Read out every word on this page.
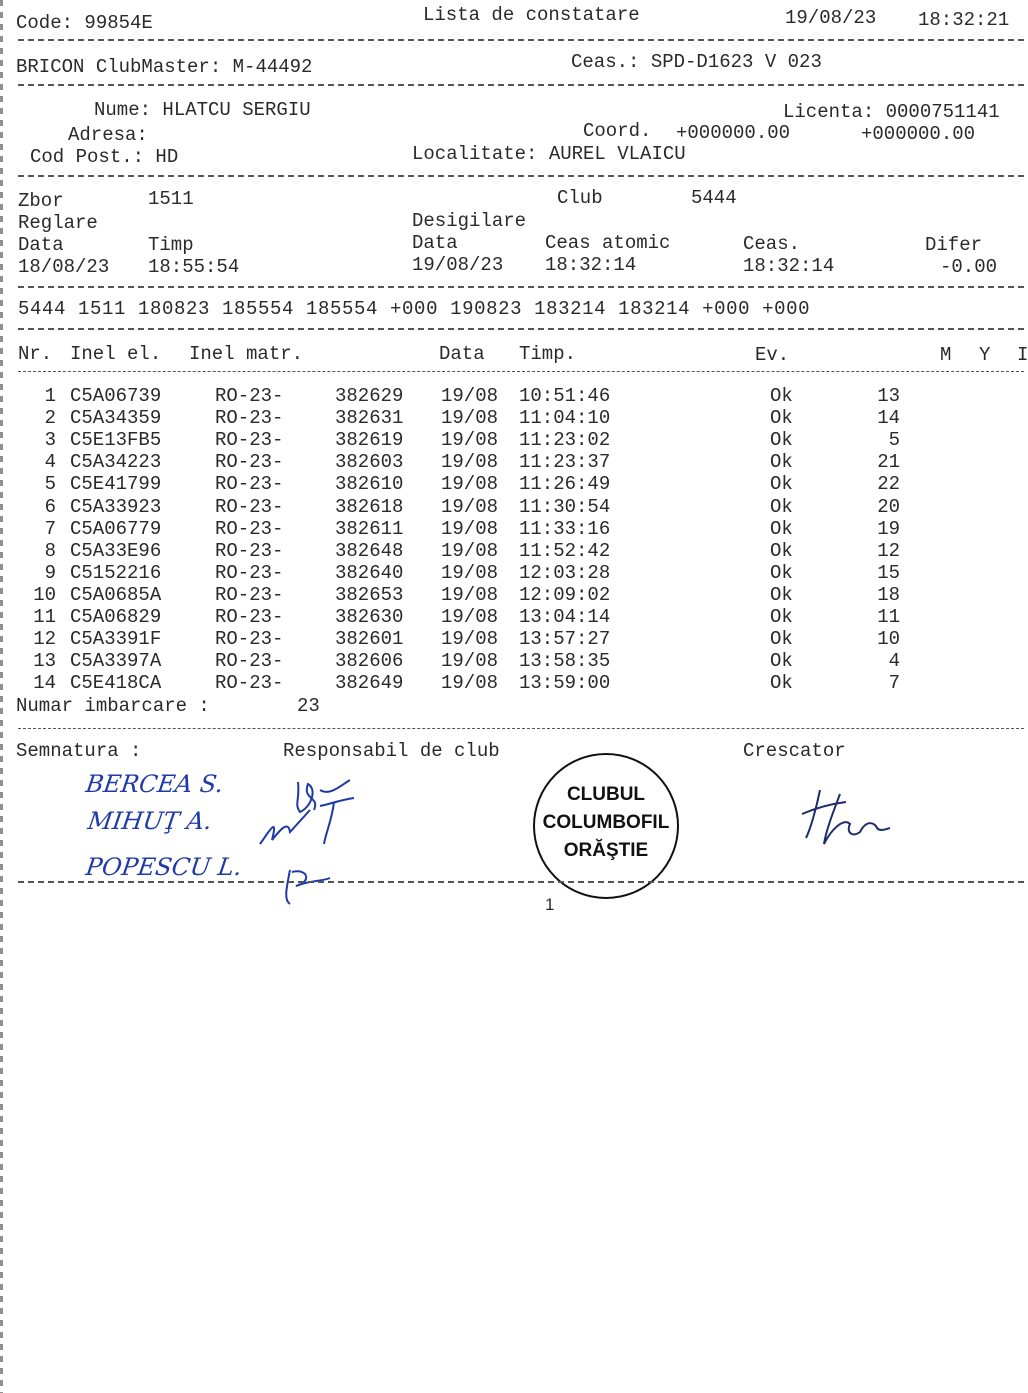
Code: 99854E	Lista de constatare	19/08/23 18:32:21
BRICON ClubMaster: M-44492	Ceas.: SPD-D1623 V 023
Nume: HLATCU SERGIU	Licenta: 0000751141
Adresa:	Coord. +000000.00	+000000.00
Cod Post.: HD	Localitate: AUREL VLAICU
Zbor	1511	Club	5444
Reglare	Desigilare
Data	Timp	Data	Ceas atomic	Ceas.	Difer
18/08/23 18:55:54	19/08/23 18:32:14	18:32:14	-0.00
5444 1511 180823 185554 185554 +000 190823 183214 183214 +000 +000
Nr. Inel el. Inel matr.	Data Timp.	Ev.	M Y I
1 C5A06739	RO-23-	382629 19/08 10:51:46	Ok	13
2 C5A34359	RO-23-	382631 19/08 11:04:10	Ok	14
3 C5E13FB5	RO-23-	382619 19/08 11:23:02	Ok	5
4 C5A34223	RO-23-	382603 19/08 11:23:37	Ok	21
5 C5E41799	RO-23-	382610 19/08 11:26:49	Ok	22
6 C5A33923	RO-23-	382618 19/08 11:30:54	Ok	20
7 C5A06779	RO-23-	382611 19/08 11:33:16	Ok	19
8 C5A33E96	RO-23-	382648 19/08 11:52:42	Ok	12
9 C5152216	RO-23-	382640 19/08 12:03:28	Ok	15
10 C5A0685A	RO-23-	382653 19/08 12:09:02	Ok	18
11 C5A06829	RO-23-	382630 19/08 13:04:14	Ok	11
12 C5A3391F	RO-23-	382601 19/08 13:57:27	Ok	10
13 C5A3397A	RO-23-	382606 19/08 13:58:35	Ok	4
14 C5E418CA	RO-23-	382649 19/08 13:59:00	Ok	7
Numar imbarcare :	23
Semnatura :	Responsabil de club	Crescator
BERCEA S.
MIHUŢ A.
POPESCU L.
CLUBUL
COLUMBOFIL
ORĂŞTIE
1
